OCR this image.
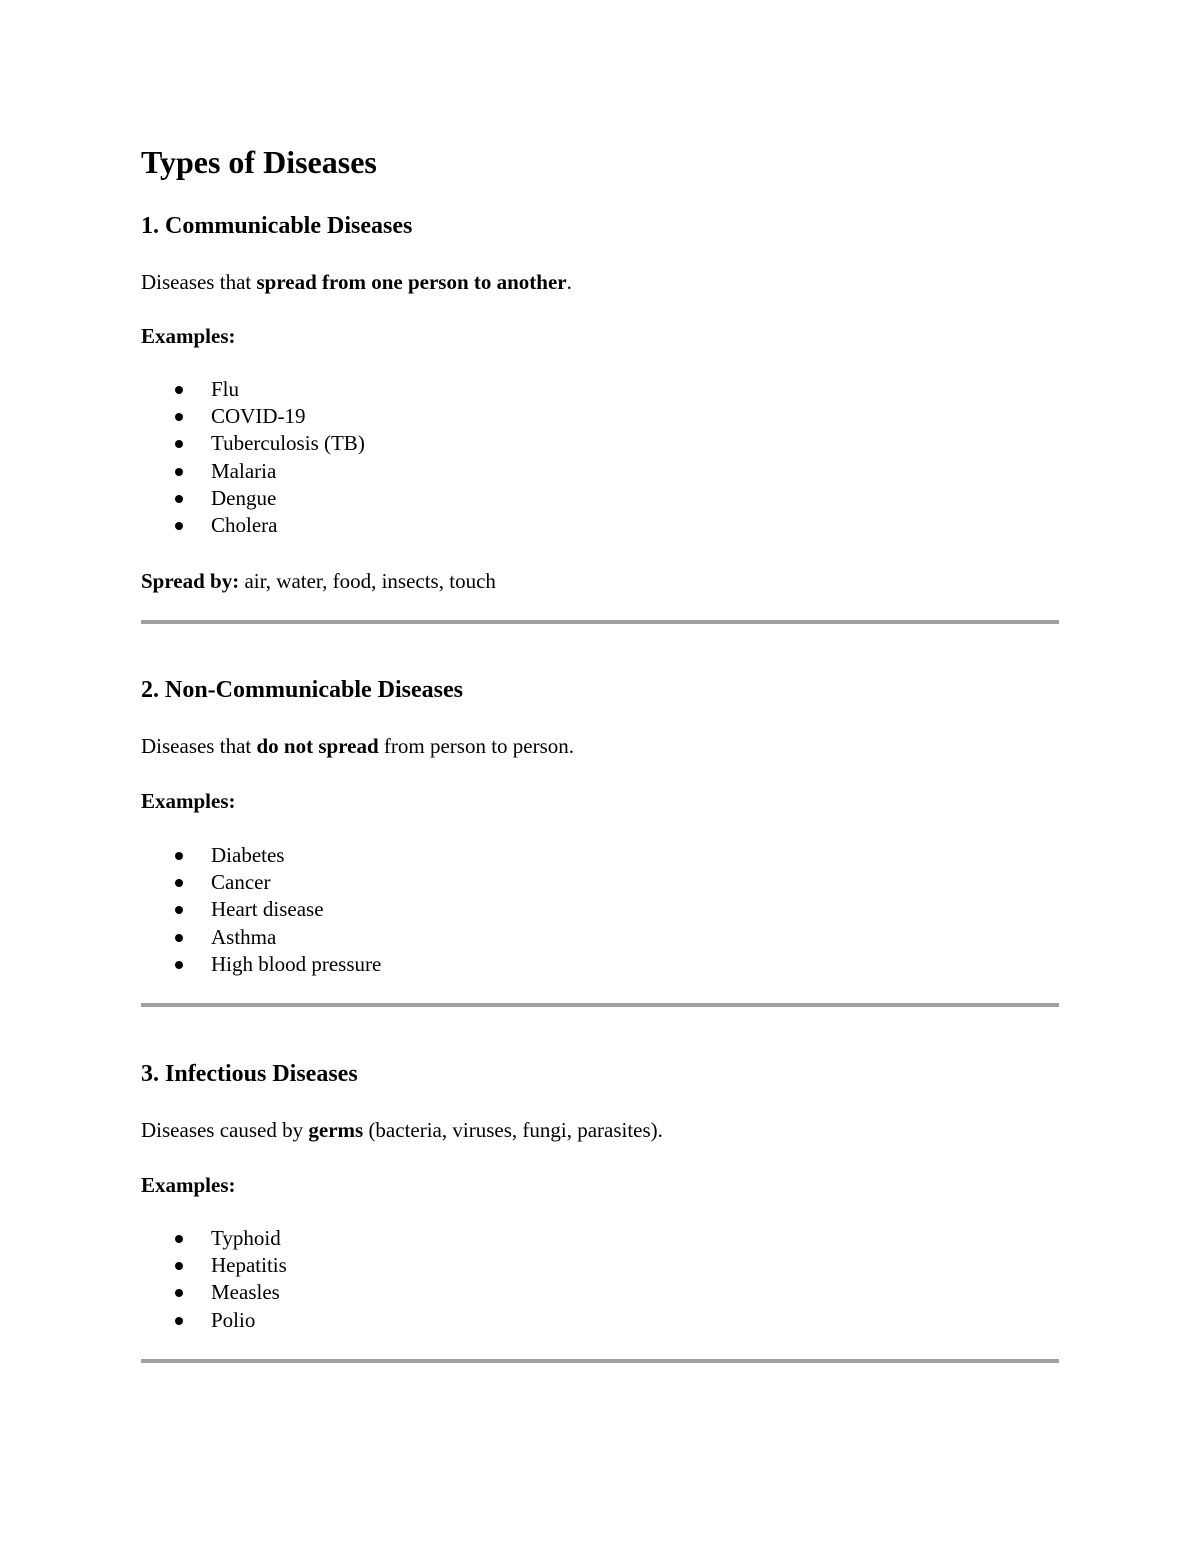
Types of Diseases
1. Communicable Diseases

Diseases that spread from one person to another.

Examples:

Flu
COVID-19
Tuberculosis (TB)
Malaria
Dengue
Cholera

Spread by: air, water, food, insects, touch

2. Non-Communicable Diseases

Diseases that do not spread from person to person.

Examples:

Diabetes
Cancer
Heart disease
Asthma
High blood pressure
3. Infectious Diseases

Diseases caused by germs (bacteria, viruses, fungi, parasites).

Examples:

Typhoid
Hepatitis
Measles
Polio
